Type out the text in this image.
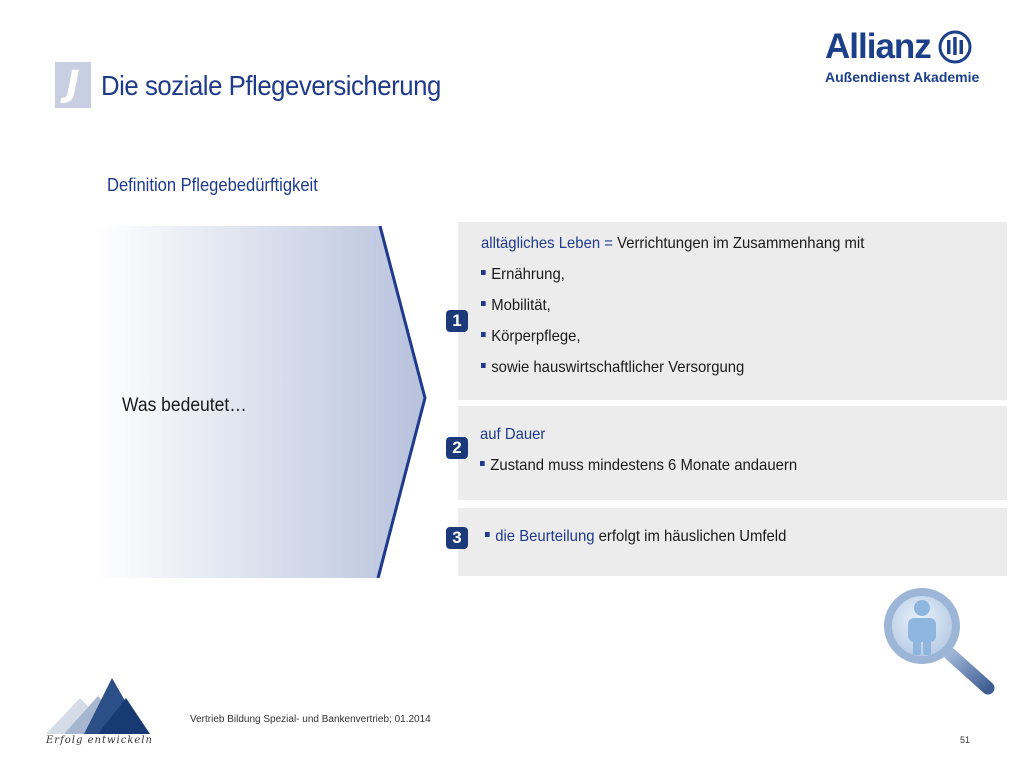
J Die soziale Pflegeversicherung
Allianz
Außendienst Akademie
Definition Pflegebedürftigkeit
Was bedeutet…
alltägliches Leben = Verrichtungen im Zusammenhang mit
Ernährung,
Mobilität,
Körperpflege,
sowie hauswirtschaftlicher Versorgung
auf Dauer
Zustand muss mindestens 6 Monate andauern
die Beurteilung erfolgt im häuslichen Umfeld
1
2
3
Erfolg entwickeln
Vertrieb Bildung Spezial- und Bankenvertrieb; 01.2014
51
